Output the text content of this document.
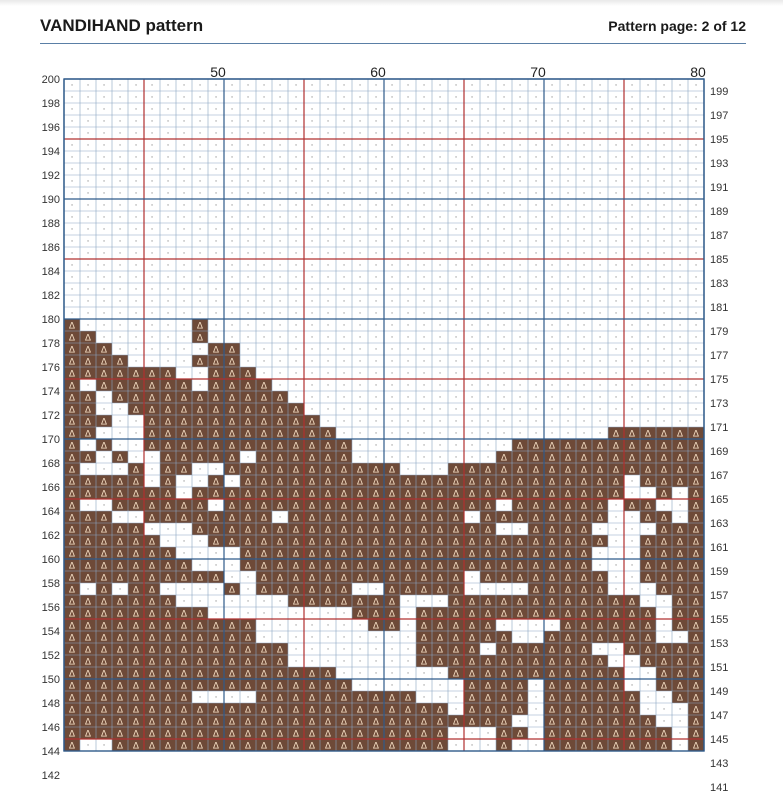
VANDIHAND pattern	Pattern page: 2 of 12
· · · · · · · · · · · · · · · · · · · · · · · · · · · · · · · · · · · · · · · ·
· · · · · · · · · · · · · · · · · · · · · · · · · · · · · · · · · · · · · · · ·
· · · · · · · · · · · · · · · · · · · · · · · · · · · · · · · · · · · · · · · ·
· · · · · · · · · · · · · · · · · · · · · · · · · · · · · · · · · · · · · · · ·
· · · · · · · · · · · · · · · · · · · · · · · · · · · · · · · · · · · · · · · ·
· · · · · · · · · · · · · · · · · · · · · · · · · · · · · · · · · · · · · · · ·
· · · · · · · · · · · · · · · · · · · · · · · · · · · · · · · · · · · · · · · ·
· · · · · · · · · · · · · · · · · · · · · · · · · · · · · · · · · · · · · · · ·
· · · · · · · · · · · · · · · · · · · · · · · · · · · · · · · · · · · · · · · ·
· · · · · · · · · · · · · · · · · · · · · · · · · · · · · · · · · · · · · · · ·
· · · · · · · · · · · · · · · · · · · · · · · · · · · · · · · · · · · · · · · ·
· · · · · · · · · · · · · · · · · · · · · · · · · · · · · · · · · · · · · · · ·
· · · · · · · · · · · · · · · · · · · · · · · · · · · · · · · · · · · · · · · ·
· · · · · · · · · · · · · · · · · · · · · · · · · · · · · · · · · · · · · · · ·
· · · · · · · · · · · · · · · · · · · · · · · · · · · · · · · · · · · · · · · ·
· · · · · · · · · · · · · · · · · · · · · · · · · · · · · · · · · · · · · · · ·
· · · · · · · · · · · · · · · · · · · · · · · · · · · · · · · · · · · · · · · ·
· · · · · · · · · · · · · · · · · · · · · · · · · · · · · · · · · · · · · · · ·
· · · · · · · · · · · · · · · · · · · · · · · · · · · · · · · · · · · · · · · ·
· · · · · · · · · · · · · · · · · · · · · · · · · · · · · · · · · · · · · · · ·
Δ · · · · · · · Δ · · · · · · · · · · · · · · · · · · · · · · · · · · · · · · ·
Δ Δ · · · · · · Δ · · · · · · · · · · · · · · · · · · · · · · · · · · · · · · ·
Δ Δ Δ · · · · · · Δ Δ · · · · · · · · · · · · · · · · · · · · · · · · · · · · ·
Δ Δ Δ Δ · · · · Δ Δ Δ · · · · · · · · · · · · · · · · · · · · · · · · · · · · ·
Δ Δ Δ Δ Δ Δ Δ · · Δ Δ Δ · · · · · · · · · · · · · · · · · · · · · · · · · · · ·
Δ · Δ Δ Δ Δ Δ Δ · Δ Δ Δ Δ · · · · · · · · · · · · · · · · · · · · · · · · · · ·
Δ Δ · Δ Δ Δ Δ Δ Δ Δ Δ Δ Δ Δ · · · · · · · · · · · · · · · · · · · · · · · · · ·
Δ Δ · · Δ Δ Δ Δ Δ Δ Δ Δ Δ Δ Δ · · · · · · · · · · · · · · · · · · · · · · · · ·
Δ Δ Δ · · Δ Δ Δ Δ Δ Δ Δ Δ Δ Δ Δ · · · · · · · · · · · · · · · · · · · · · · · ·
Δ Δ · · · Δ Δ Δ Δ Δ Δ Δ Δ Δ Δ Δ Δ · · · · · · · · · · · · · · · · · Δ Δ Δ Δ Δ Δ
Δ · Δ · · Δ Δ Δ Δ Δ Δ Δ Δ Δ Δ Δ Δ Δ · · · · · · · · · · Δ Δ Δ Δ Δ Δ Δ Δ Δ Δ Δ Δ
Δ Δ · Δ · · Δ Δ Δ Δ Δ · Δ Δ Δ Δ Δ Δ · · · · · · · · · Δ Δ Δ Δ Δ Δ Δ Δ Δ Δ Δ Δ Δ
Δ · · · Δ · Δ Δ · · Δ Δ Δ Δ Δ Δ Δ Δ Δ Δ Δ · · · Δ Δ Δ Δ Δ Δ Δ Δ Δ Δ Δ Δ Δ Δ Δ Δ
Δ Δ Δ Δ Δ · Δ · · Δ · Δ Δ Δ Δ Δ Δ Δ Δ Δ Δ Δ Δ Δ Δ Δ Δ Δ Δ Δ Δ Δ Δ Δ Δ · Δ Δ Δ Δ
Δ Δ Δ Δ Δ Δ Δ · Δ Δ Δ Δ Δ Δ Δ Δ Δ Δ Δ Δ Δ Δ Δ Δ Δ Δ Δ Δ Δ Δ Δ Δ Δ Δ Δ · · Δ · Δ
Δ · · Δ Δ Δ Δ Δ Δ · Δ Δ Δ Δ Δ Δ Δ Δ Δ Δ Δ Δ Δ Δ Δ Δ Δ · Δ Δ Δ Δ Δ Δ · Δ Δ · · Δ
Δ Δ Δ · · Δ Δ Δ Δ Δ Δ Δ Δ · Δ Δ Δ Δ Δ Δ Δ Δ Δ Δ Δ · Δ Δ Δ Δ Δ Δ Δ Δ · · Δ Δ · Δ
Δ Δ Δ Δ Δ · · · Δ Δ Δ Δ Δ Δ Δ Δ Δ Δ Δ Δ Δ Δ Δ Δ Δ Δ Δ · · Δ Δ Δ Δ · · · · Δ Δ Δ
Δ Δ Δ Δ Δ Δ · · · Δ Δ Δ Δ Δ Δ Δ Δ Δ Δ Δ Δ Δ Δ Δ Δ Δ Δ Δ Δ Δ Δ Δ Δ Δ · · Δ Δ Δ Δ
Δ Δ Δ Δ Δ Δ Δ · · · · Δ Δ Δ Δ Δ Δ Δ Δ Δ Δ Δ Δ Δ Δ Δ Δ Δ Δ Δ Δ Δ Δ · · · Δ Δ Δ Δ
Δ Δ Δ Δ Δ Δ Δ Δ · · · Δ Δ Δ Δ Δ Δ Δ Δ Δ Δ Δ Δ Δ Δ Δ Δ Δ Δ Δ Δ Δ Δ · · · Δ Δ Δ Δ
Δ Δ Δ Δ Δ Δ Δ Δ Δ Δ · · Δ Δ Δ Δ Δ Δ Δ Δ Δ Δ Δ Δ Δ · Δ Δ Δ Δ Δ Δ Δ Δ · · Δ Δ Δ Δ
Δ · Δ · Δ Δ · · · · Δ · Δ Δ Δ Δ Δ Δ · · Δ Δ Δ Δ Δ · · · · Δ Δ Δ Δ Δ · · · Δ Δ Δ
Δ Δ Δ Δ Δ Δ Δ · · · · · · · Δ Δ Δ Δ Δ Δ Δ · · · Δ Δ Δ Δ Δ Δ Δ Δ Δ Δ Δ Δ · · Δ Δ
Δ Δ Δ Δ Δ Δ Δ Δ Δ · · · · · · · · · Δ Δ Δ · Δ Δ Δ Δ Δ Δ Δ Δ Δ Δ Δ Δ Δ Δ Δ · Δ Δ
Δ Δ Δ Δ Δ Δ Δ Δ Δ Δ Δ Δ · · · · · · · Δ Δ · Δ Δ Δ Δ Δ · · · · Δ Δ Δ Δ Δ Δ · Δ Δ
Δ Δ Δ Δ Δ Δ Δ Δ Δ Δ Δ Δ · · · · · · · · · · Δ Δ Δ Δ Δ Δ · · Δ Δ Δ Δ Δ Δ Δ · · Δ
Δ Δ Δ Δ Δ Δ Δ Δ Δ Δ Δ Δ Δ Δ · · · · · · · · Δ Δ Δ Δ · Δ Δ Δ Δ Δ Δ · · Δ Δ Δ Δ Δ
Δ Δ Δ Δ Δ Δ Δ Δ Δ Δ Δ Δ Δ Δ · · · · · · · · Δ Δ Δ Δ Δ Δ Δ Δ Δ Δ Δ Δ · · Δ Δ Δ Δ
Δ Δ Δ Δ Δ Δ Δ Δ Δ Δ Δ Δ Δ Δ Δ Δ Δ · · · · · · · Δ Δ Δ Δ Δ Δ Δ Δ Δ Δ Δ · · Δ Δ Δ
Δ Δ Δ Δ Δ Δ Δ Δ Δ Δ Δ Δ Δ Δ Δ Δ Δ Δ · · · · · · · Δ Δ Δ Δ · Δ Δ Δ Δ Δ · · Δ Δ Δ
Δ Δ Δ Δ Δ Δ Δ Δ · · · · Δ Δ Δ Δ Δ Δ Δ Δ Δ Δ · · · Δ Δ Δ Δ · Δ Δ Δ Δ Δ Δ · · Δ Δ
Δ Δ Δ Δ Δ Δ Δ Δ Δ Δ Δ Δ Δ Δ Δ Δ Δ Δ Δ Δ Δ Δ Δ Δ · Δ Δ Δ Δ · Δ Δ Δ Δ Δ Δ · · · Δ
Δ Δ Δ Δ Δ Δ Δ Δ Δ Δ Δ Δ Δ Δ Δ Δ Δ Δ Δ Δ Δ Δ Δ Δ Δ Δ Δ Δ · · Δ Δ Δ Δ Δ Δ Δ · · Δ
Δ Δ Δ Δ Δ Δ Δ Δ Δ Δ Δ Δ Δ Δ Δ Δ Δ Δ Δ Δ Δ Δ Δ Δ · · · Δ Δ · Δ Δ Δ Δ Δ Δ Δ Δ · Δ
Δ · · Δ Δ Δ Δ Δ Δ Δ Δ Δ Δ Δ Δ Δ Δ Δ Δ Δ Δ Δ Δ Δ · · · Δ · · Δ Δ Δ Δ Δ Δ Δ Δ · Δ
50	60	70	80
200
198
196
194
192
190
188
186
184
182
180
178
176
174
172
170
168
166
164
162
160
158
156
154
152
150
148
146
144
142
199
197
195
193
191
189
187
185
183
181
179
177
175
173
171
169
167
165
163
161
159
157
155
153
151
149
147
145
143
141
